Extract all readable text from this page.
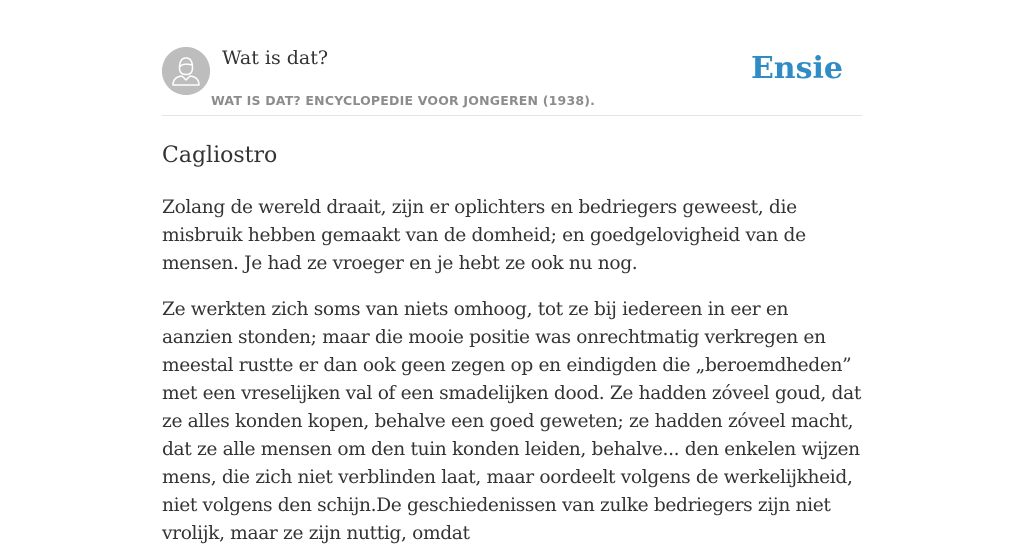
Wat is dat?
WAT IS DAT? ENCYCLOPEDIE VOOR JONGEREN (1938).
Ensie
Cagliostro

Zolang de wereld draait, zijn er oplichters en bedriegers geweest, die misbruik hebben gemaakt van de domheid; en goedgelovigheid van de mensen. Je had ze vroeger en je hebt ze ook nu nog.

Ze werkten zich soms van niets omhoog, tot ze bij iedereen in eer en aanzien stonden; maar die mooie positie was onrechtmatig verkregen en meestal rustte er dan ook geen zegen op en eindigden die „beroemdheden” met een vreselijken val of een smadelijken dood. Ze hadden zóveel goud, dat ze alles konden kopen, behalve een goed geweten; ze hadden zóveel macht, dat ze alle mensen om den tuin konden leiden, behalve... den enkelen wijzen mens, die zich niet verblinden laat, maar oordeelt volgens de werkelijkheid, niet volgens den schijn.De geschiedenissen van zulke bedriegers zijn niet vrolijk, maar ze zijn nuttig, omdat
